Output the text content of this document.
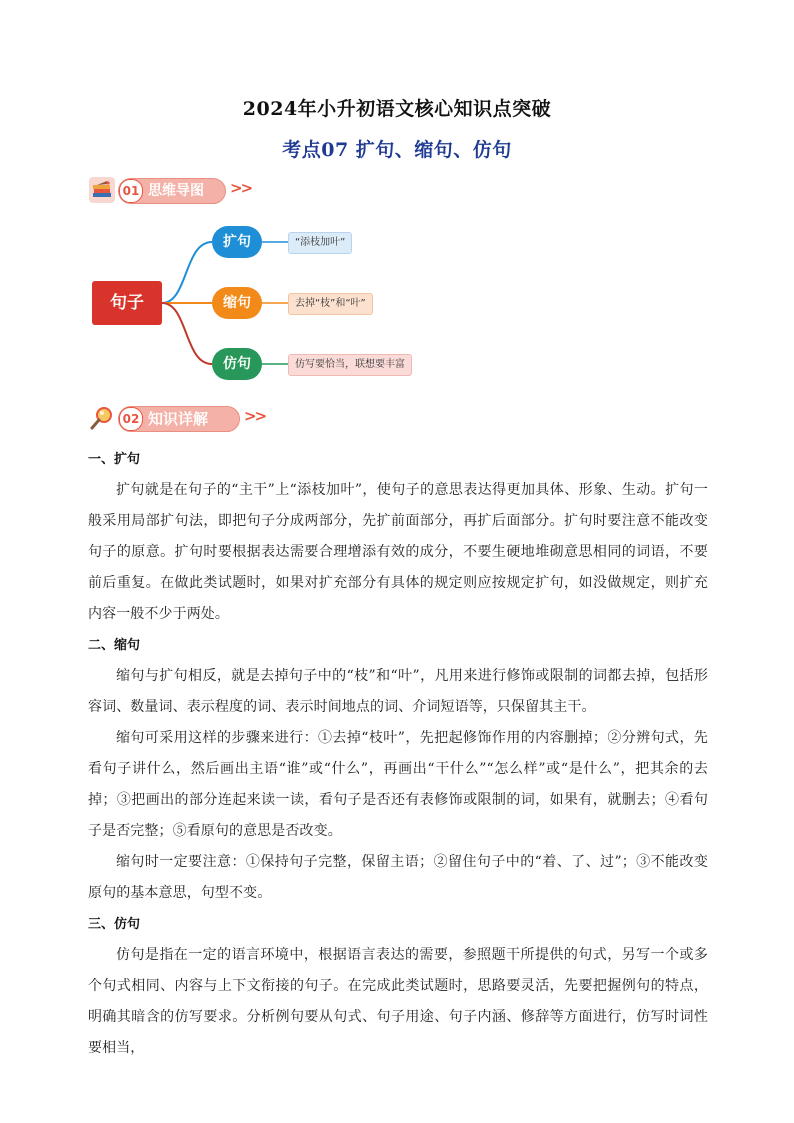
2024年小升初语文核心知识点突破
考点07 扩句、缩句、仿句
01 思维导图 >>
句子
扩句	“添枝加叶”
缩句	去掉“枝”和“叶”
仿句	仿写要恰当，联想要丰富
02 知识详解 >>
一、扩句

扩句就是在句子的“主干”上“添枝加叶”，使句子的意思表达得更加具体、形象、生动。扩句一般采用局部扩句法，即把句子分成两部分，先扩前面部分，再扩后面部分。扩句时要注意不能改变句子的原意。扩句时要根据表达需要合理增添有效的成分，不要生硬地堆砌意思相同的词语，不要前后重复。在做此类试题时，如果对扩充部分有具体的规定则应按规定扩句，如没做规定，则扩充内容一般不少于两处。

二、缩句

缩句与扩句相反，就是去掉句子中的“枝”和“叶”，凡用来进行修饰或限制的词都去掉，包括形容词、数量词、表示程度的词、表示时间地点的词、介词短语等，只保留其主干。

缩句可采用这样的步骤来进行：①去掉“枝叶”，先把起修饰作用的内容删掉；②分辨句式，先看句子讲什么，然后画出主语“谁”或“什么”，再画出“干什么”“怎么样”或“是什么”，把其余的去掉；③把画出的部分连起来读一读，看句子是否还有表修饰或限制的词，如果有，就删去；④看句子是否完整；⑤看原句的意思是否改变。

缩句时一定要注意：①保持句子完整，保留主语；②留住句子中的“着、了、过”；③不能改变原句的基本意思，句型不变。

三、仿句

仿句是指在一定的语言环境中，根据语言表达的需要，参照题干所提供的句式，另写一个或多个句式相同、内容与上下文衔接的句子。在完成此类试题时，思路要灵活，先要把握例句的特点，明确其暗含的仿写要求。分析例句要从句式、句子用途、句子内涵、修辞等方面进行，仿写时词性要相当，
